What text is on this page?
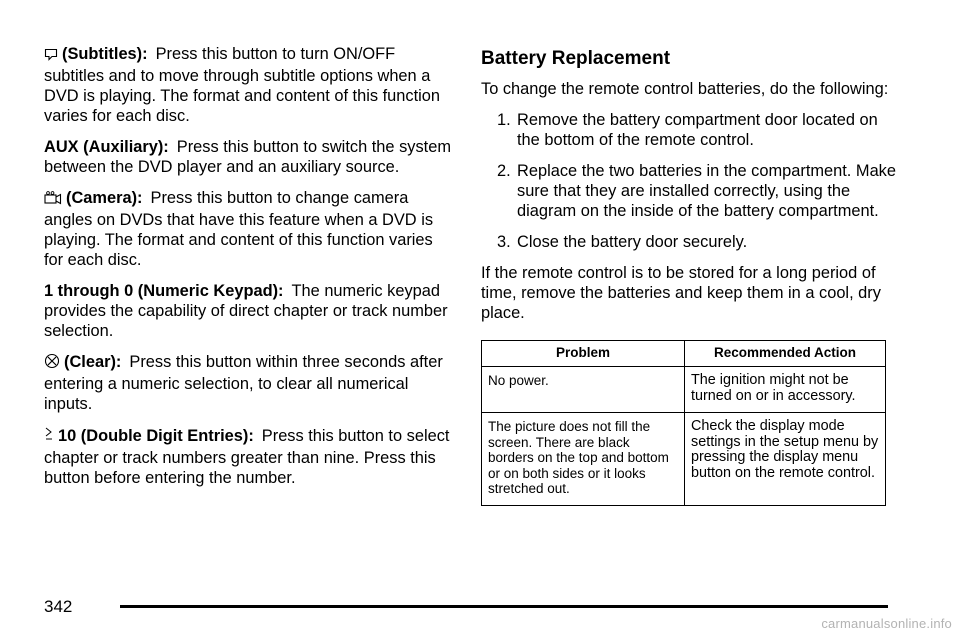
(Subtitles): Press this button to turn ON/OFF subtitles and to move through subtitle options when a DVD is playing. The format and content of this function varies for each disc.

AUX (Auxiliary): Press this button to switch the system between the DVD player and an auxiliary source.

(Camera): Press this button to change camera angles on DVDs that have this feature when a DVD is playing. The format and content of this function varies for each disc.

1 through 0 (Numeric Keypad): The numeric keypad provides the capability of direct chapter or track number selection.

(Clear): Press this button within three seconds after entering a numeric selection, to clear all numerical inputs.

10 (Double Digit Entries): Press this button to select chapter or track numbers greater than nine. Press this button before entering the number.

Battery Replacement

To change the remote control batteries, do the following:

1. Remove the battery compartment door located on the bottom of the remote control.
2. Replace the two batteries in the compartment. Make sure that they are installed correctly, using the diagram on the inside of the battery compartment.
3. Close the battery door securely.

If the remote control is to be stored for a long period of time, remove the batteries and keep them in a cool, dry place.

Problem	Recommended Action
No power.	The ignition might not be turned on or in accessory.
The picture does not fill the screen. There are black borders on the top and bottom or on both sides or it looks stretched out.	Check the display mode settings in the setup menu by pressing the display menu button on the remote control.
342
carmanualsonline.info
